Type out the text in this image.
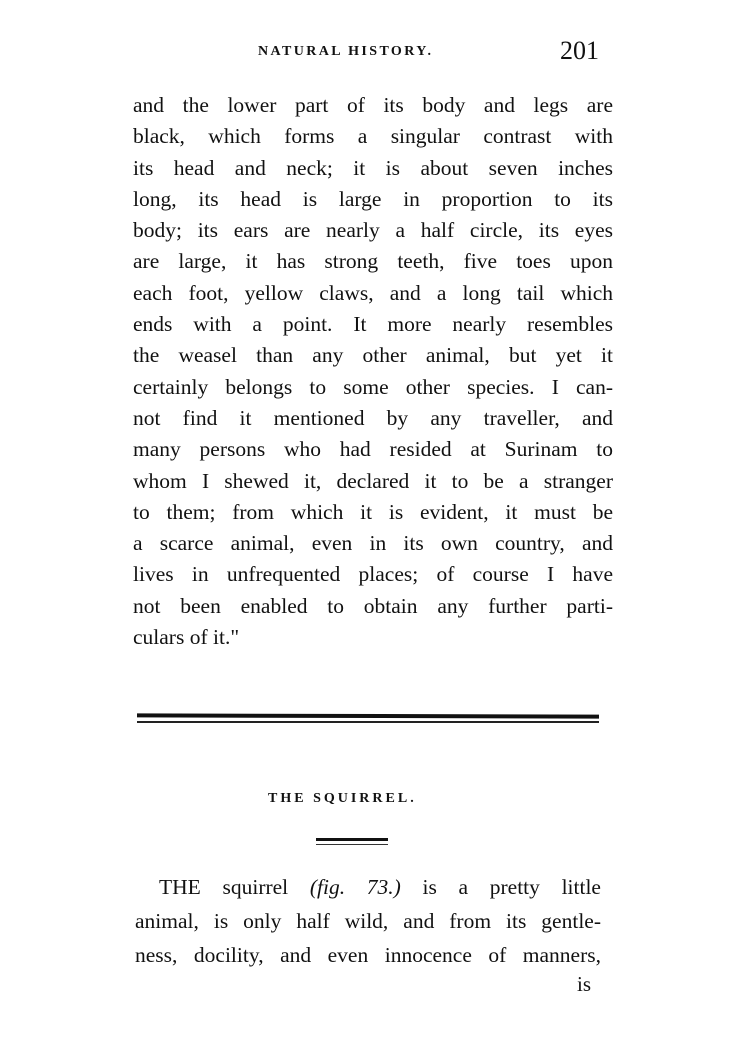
NATURAL HISTORY.	201
and the lower part of its body and legs are
black, which forms a singular contrast with
its head and neck; it is about seven inches
long, its head is large in proportion to its
body; its ears are nearly a half circle, its eyes
are large, it has strong teeth, five toes upon
each foot, yellow claws, and a long tail which
ends with a point. It more nearly resembles
the weasel than any other animal, but yet it
certainly belongs to some other species. I can-
not find it mentioned by any traveller, and
many persons who had resided at Surinam to
whom I shewed it, declared it to be a stranger
to them; from which it is evident, it must be
a scarce animal, even in its own country, and
lives in unfrequented places; of course I have
not been enabled to obtain any further parti-
culars of it."
THE SQUIRREL.
THE squirrel (fig. 73.) is a pretty little
animal, is only half wild, and from its gentle-
ness, docility, and even innocence of manners,
is
